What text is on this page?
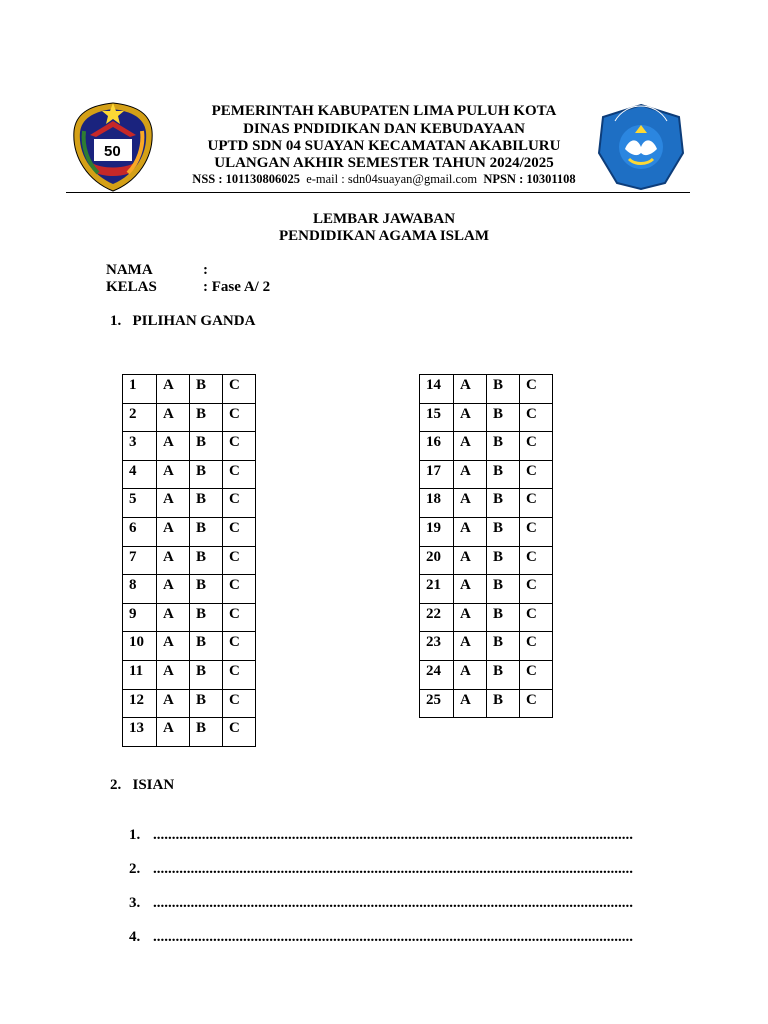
50
PEMERINTAH KABUPATEN LIMA PULUH KOTA
DINAS PNDIDIKAN DAN KEBUDAYAAN
UPTD SDN 04 SUAYAN KECAMATAN AKABILURU
ULANGAN AKHIR SEMESTER TAHUN 2024/2025
NSS : 101130806025 e-mail : sdn04suayan@gmail.com NPSN : 10301108
LEMBAR JAWABAN
PENDIDIKAN AGAMA ISLAM
NAMA	:
KELAS	: Fase A/ 2
1. PILIHAN GANDA
1	A	B	C
2	A	B	C
3	A	B	C
4	A	B	C
5	A	B	C
6	A	B	C
7	A	B	C
8	A	B	C
9	A	B	C
10	A	B	C
11	A	B	C
12	A	B	C
13	A	B	C
14	A	B	C
15	A	B	C
16	A	B	C
17	A	B	C
18	A	B	C
19	A	B	C
20	A	B	C
21	A	B	C
22	A	B	C
23	A	B	C
24	A	B	C
25	A	B	C
2. ISIAN
1. ................................................................................................................................
2. ................................................................................................................................
3. ................................................................................................................................
4. ................................................................................................................................
